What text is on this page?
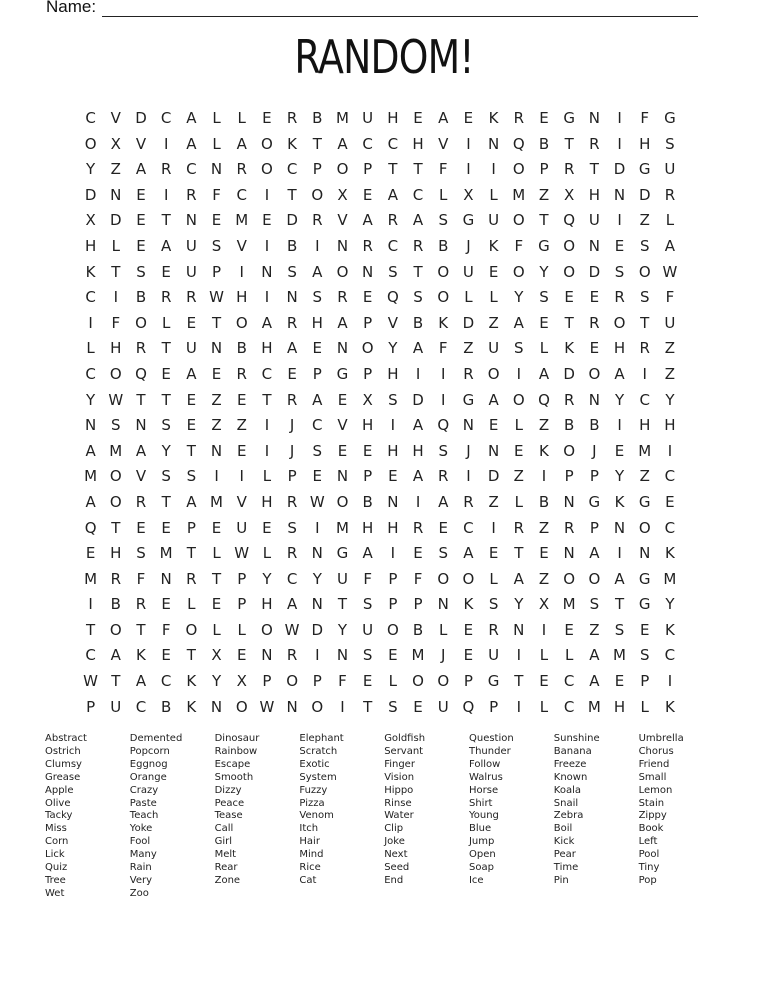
Name:
RANDOM!
C V D C A	L	L	E	R B M U H E	A	E	K	R	E G N	I	F	G
O X V	I	A	L	A O K	T	A C C H V	I	N Q B	T	R	I	H S
Y	Z A R C N R O C	P O P	T	T	F	I	I	O P	R	T D G U
D N E	I	R	F	C	I	T O X	E	A C	L	X	L M Z X H N D R
X D E	T N E M E D R V A R A	S G U O T Q U	I	Z	L
H	L	E	A U S	V	I	B	I	N R C R B	J	K	F	G O N E	S	A
K	T	S	E U	P	I	N S	A O N S	T O U E O Y O D S O W
C	I	B R R W H	I	N S	R	E Q S O	L	L	Y	S	E	E	R	S	F
I	F O	L	E	T O A R H A	P	V B	K D Z A	E	T	R O T	U
L	H R	T	U N B H A	E N O Y	A	F	Z U S	L	K	E H R Z
C O Q E	A	E	R C	E	P G P	H	I	I	R O	I	A D O A	I	Z
Y W T	T	E	Z	E	T	R A	E	X	S D	I	G A O Q R N Y	C	Y
N S N S	E	Z Z	I	J	C V H	I	A Q N E	L	Z B B	I	H H
A M A	Y	T N E	I	J	S	E	E H H S	J	N E	K O	J	E M	I
M O V	S	S	I	I	L	P	E N	P	E	A R	I	D Z	I	P	P	Y	Z C
A O R	T	A M V H R W O B N	I	A R Z	L	B N G K G E
Q T	E	E	P	E U E	S	I	M H H R	E	C	I	R Z R	P	N O C
E H S M T	L W L	R N G A	I	E	S	A	E	T	E N A	I	N K
M R	F	N R	T	P	Y	C	Y	U	F	P	F O O	L	A Z O O A G M
I	B R	E	L	E	P	H A N T	S	P	P	N K	S	Y	X M S	T G Y
T O T	F O	L	L	O W D Y	U O B	L	E	R N	I	E	Z	S	E	K
C A	K	E	T	X	E N R	I	N S	E M	J	E U	I	L	L	A M S	C
W T	A C	K	Y	X	P O P	F	E	L	O O P G T	E	C A	E	P	I
P	U C B	K N O W N O	I	T	S	E U Q P	I	L	C M H	L	K
Abstract
Ostrich
Clumsy
Grease
Apple
Olive
Tacky
Miss
Corn
Lick
Quiz
Tree
Wet
Demented
Popcorn
Eggnog
Orange
Crazy
Paste
Teach
Yoke
Fool
Many
Rain
Very
Zoo
Dinosaur
Rainbow
Escape
Smooth
Dizzy
Peace
Tease
Call
Girl
Melt
Rear
Zone
Elephant
Scratch
Exotic
System
Fuzzy
Pizza
Venom
Itch
Hair
Mind
Rice
Cat
Goldfish
Servant
Finger
Vision
Hippo
Rinse
Water
Clip
Joke
Next
Seed
End
Question
Thunder
Follow
Walrus
Horse
Shirt
Young
Blue
Jump
Open
Soap
Ice
Sunshine
Banana
Freeze
Known
Koala
Snail
Zebra
Boil
Kick
Pear
Time
Pin
Umbrella
Chorus
Friend
Small
Lemon
Stain
Zippy
Book
Left
Pool
Tiny
Pop
